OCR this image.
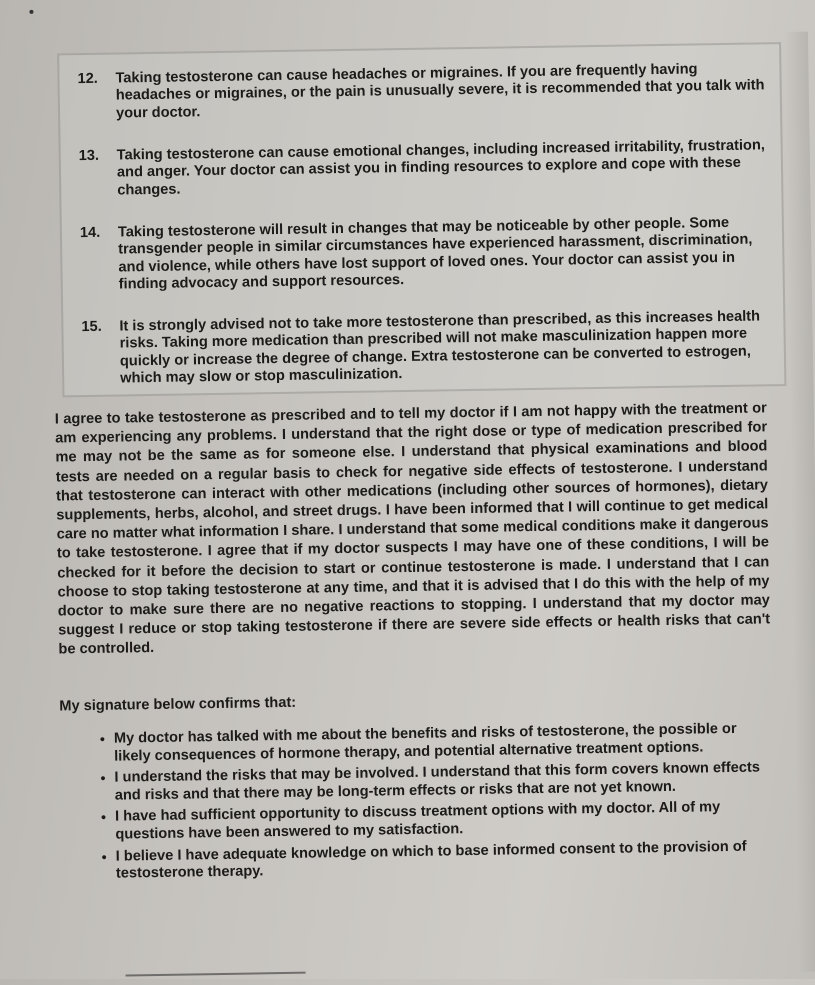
12.	Taking testosterone can cause headaches or migraines. If you are frequently having headaches or migraines, or the pain is unusually severe, it is recommended that you talk with your doctor.
13.	Taking testosterone can cause emotional changes, including increased irritability, frustration, and anger. Your doctor can assist you in finding resources to explore and cope with these changes.
14.	Taking testosterone will result in changes that may be noticeable by other people. Some transgender people in similar circumstances have experienced harassment, discrimination, and violence, while others have lost support of loved ones. Your doctor can assist you in finding advocacy and support resources.
15.	It is strongly advised not to take more testosterone than prescribed, as this increases health risks. Taking more medication than prescribed will not make masculinization happen more quickly or increase the degree of change. Extra testosterone can be converted to estrogen, which may slow or stop masculinization.

I agree to take testosterone as prescribed and to tell my doctor if I am not happy with the treatment or am experiencing any problems. I understand that the right dose or type of medication prescribed for me may not be the same as for someone else. I understand that physical examinations and blood tests are needed on a regular basis to check for negative side effects of testosterone. I understand that testosterone can interact with other medications (including other sources of hormones), dietary supplements, herbs, alcohol, and street drugs. I have been informed that I will continue to get medical care no matter what information I share. I understand that some medical conditions make it dangerous to take testosterone. I agree that if my doctor suspects I may have one of these conditions, I will be checked for it before the decision to start or continue testosterone is made. I understand that I can choose to stop taking testosterone at any time, and that it is advised that I do this with the help of my doctor to make sure there are no negative reactions to stopping. I understand that my doctor may suggest I reduce or stop taking testosterone if there are severe side effects or health risks that can't be controlled.

My signature below confirms that:
• My doctor has talked with me about the benefits and risks of testosterone, the possible or likely consequences of hormone therapy, and potential alternative treatment options.
• I understand the risks that may be involved. I understand that this form covers known effects and risks and that there may be long-term effects or risks that are not yet known.
• I have had sufficient opportunity to discuss treatment options with my doctor. All of my questions have been answered to my satisfaction.
• I believe I have adequate knowledge on which to base informed consent to the provision of testosterone therapy.
